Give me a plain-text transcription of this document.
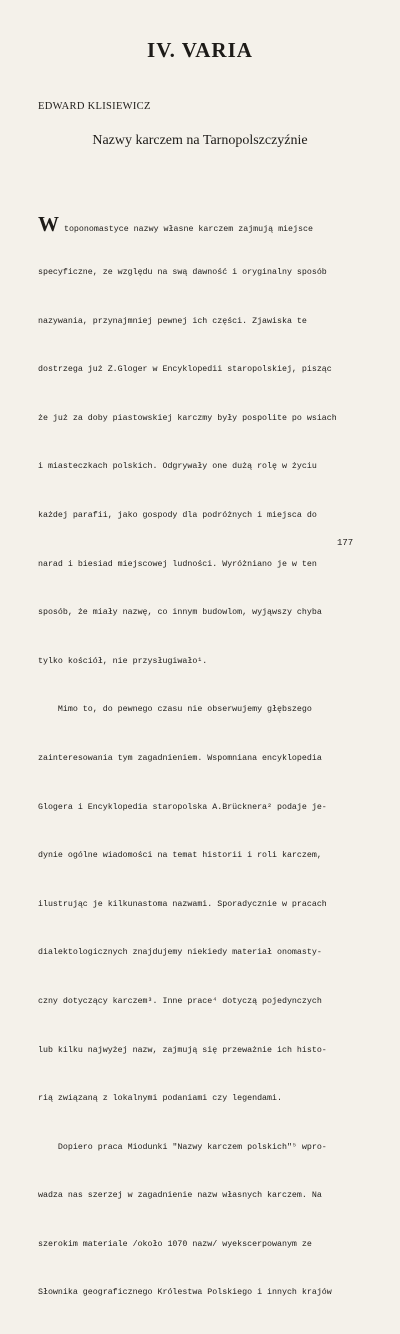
IV. VARIA
EDWARD KLISIEWICZ
Nazwy karczem na Tarnopolszczyźnie

W toponomastyce nazwy własne karczem zajmują miejsce

specyficzne, ze względu na swą dawność i oryginalny sposób

nazywania, przynajmniej pewnej ich części. Zjawiska te

dostrzega już Z.Gloger w Encyklopedii staropolskiej, pisząc

że już za doby piastowskiej karczmy były pospolite po wsiach

i miasteczkach polskich. Odgrywały one dużą rolę w życiu

każdej parafii, jako gospody dla podróżnych i miejsca do

narad i biesiad miejscowej ludności. Wyróżniano je w ten

sposób, że miały nazwę, co innym budowlom, wyjąwszy chyba

tylko kościół, nie przysługiwało¹.

Mimo to, do pewnego czasu nie obserwujemy głębszego

zainteresowania tym zagadnieniem. Wspomniana encyklopedia

Glogera i Encyklopedia staropolska A.Brücknera² podaje je-

dynie ogólne wiadomości na temat historii i roli karczem,

ilustrując je kilkunastoma nazwami. Sporadycznie w pracach

dialektologicznych znajdujemy niekiedy materiał onomasty-

czny dotyczący karczem³. Inne prace⁴ dotyczą pojedynczych

lub kilku najwyżej nazw, zajmują się przeważnie ich histo-

rią związaną z lokalnymi podaniami czy legendami.

Dopiero praca Miodunki "Nazwy karczem polskich"⁵ wpro-

wadza nas szerzej w zagadnienie nazw własnych karczem. Na

szerokim materiale /około 1070 nazw/ wyekscerpowanym ze

Słownika geograficznego Królestwa Polskiego i innych krajów

177
